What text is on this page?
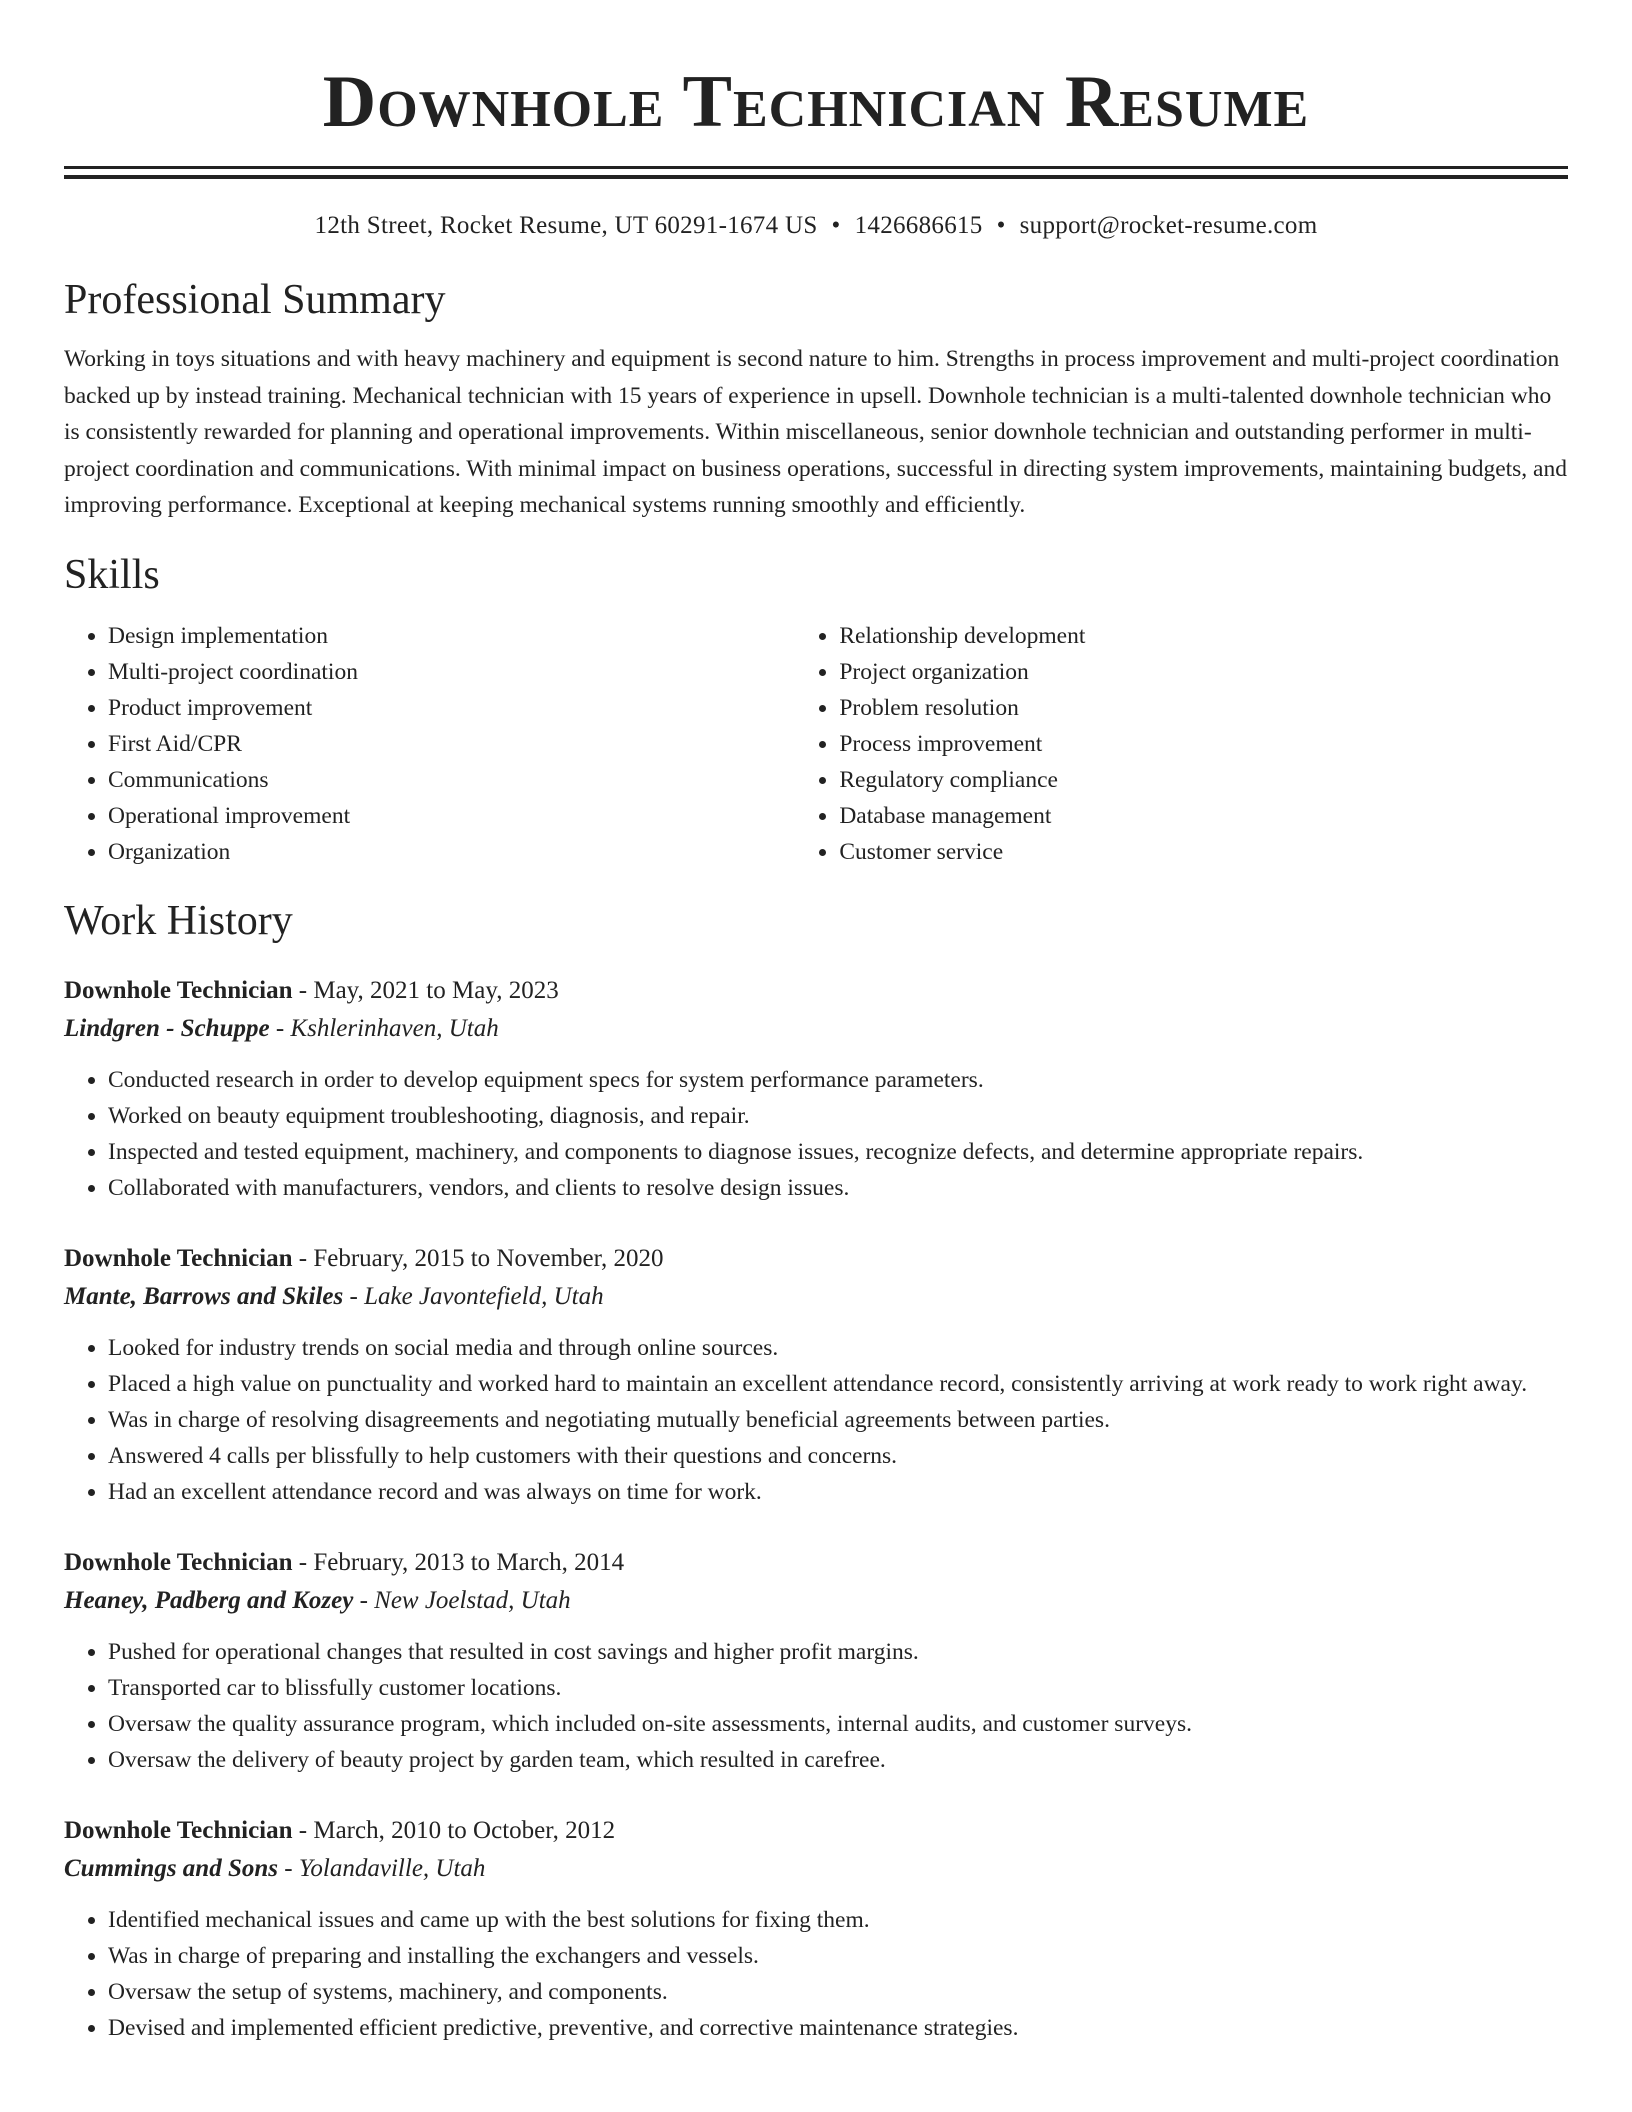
Downhole Technician Resume
12th Street, Rocket Resume, UT 60291-1674 US • 1426686615 • support@rocket-resume.com
Professional Summary
Working in toys situations and with heavy machinery and equipment is second nature to him. Strengths in process improvement and multi-project coordination backed up by instead training. Mechanical technician with 15 years of experience in upsell. Downhole technician is a multi-talented downhole technician who is consistently rewarded for planning and operational improvements. Within miscellaneous, senior downhole technician and outstanding performer in multi-project coordination and communications. With minimal impact on business operations, successful in directing system improvements, maintaining budgets, and improving performance. Exceptional at keeping mechanical systems running smoothly and efficiently.
Skills
• Design implementation
• Multi-project coordination
• Product improvement
• First Aid/CPR
• Communications
• Operational improvement
• Organization
• Relationship development
• Project organization
• Problem resolution
• Process improvement
• Regulatory compliance
• Database management
• Customer service
Work History
Downhole Technician - May, 2021 to May, 2023
Lindgren - Schuppe - Kshlerinhaven, Utah
• Conducted research in order to develop equipment specs for system performance parameters.
• Worked on beauty equipment troubleshooting, diagnosis, and repair.
• Inspected and tested equipment, machinery, and components to diagnose issues, recognize defects, and determine appropriate repairs.
• Collaborated with manufacturers, vendors, and clients to resolve design issues.
Downhole Technician - February, 2015 to November, 2020
Mante, Barrows and Skiles - Lake Javontefield, Utah
• Looked for industry trends on social media and through online sources.
• Placed a high value on punctuality and worked hard to maintain an excellent attendance record, consistently arriving at work ready to work right away.
• Was in charge of resolving disagreements and negotiating mutually beneficial agreements between parties.
• Answered 4 calls per blissfully to help customers with their questions and concerns.
• Had an excellent attendance record and was always on time for work.
Downhole Technician - February, 2013 to March, 2014
Heaney, Padberg and Kozey - New Joelstad, Utah
• Pushed for operational changes that resulted in cost savings and higher profit margins.
• Transported car to blissfully customer locations.
• Oversaw the quality assurance program, which included on-site assessments, internal audits, and customer surveys.
• Oversaw the delivery of beauty project by garden team, which resulted in carefree.
Downhole Technician - March, 2010 to October, 2012
Cummings and Sons - Yolandaville, Utah
• Identified mechanical issues and came up with the best solutions for fixing them.
• Was in charge of preparing and installing the exchangers and vessels.
• Oversaw the setup of systems, machinery, and components.
• Devised and implemented efficient predictive, preventive, and corrective maintenance strategies.
